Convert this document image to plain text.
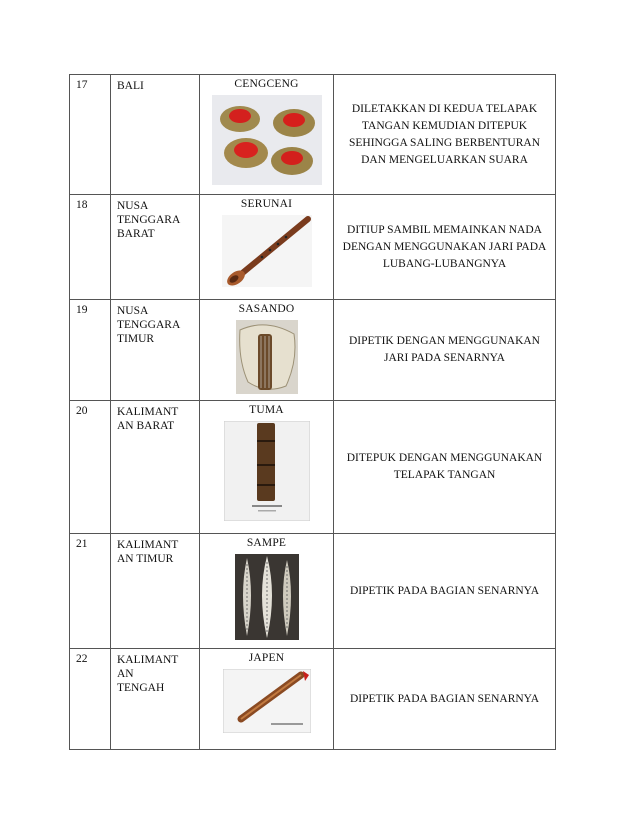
17	BALI	CENGCENG	DILETAKKAN DI KEDUA TELAPAK TANGAN KEMUDIAN DITEPUK SEHINGGA SALING BERBENTURAN DAN MENGELUARKAN SUARA

18	NUSA
TENGGARA
BARAT	SERUNAI	DITIUP SAMBIL MEMAINKAN NADA DENGAN MENGGUNAKAN JARI PADA LUBANG-LUBANGNYA

19	NUSA
TENGGARA
TIMUR	SASANDO	DIPETIK DENGAN MENGGUNAKAN JARI PADA SENARNYA

20	KALIMANT
AN BARAT	TUMA	DITEPUK DENGAN MENGGUNAKAN TELAPAK TANGAN

21	KALIMANT
AN TIMUR	SAMPE	DIPETIK PADA BAGIAN SENARNYA

22	KALIMANT
AN
TENGAH	JAPEN	DIPETIK PADA BAGIAN SENARNYA
